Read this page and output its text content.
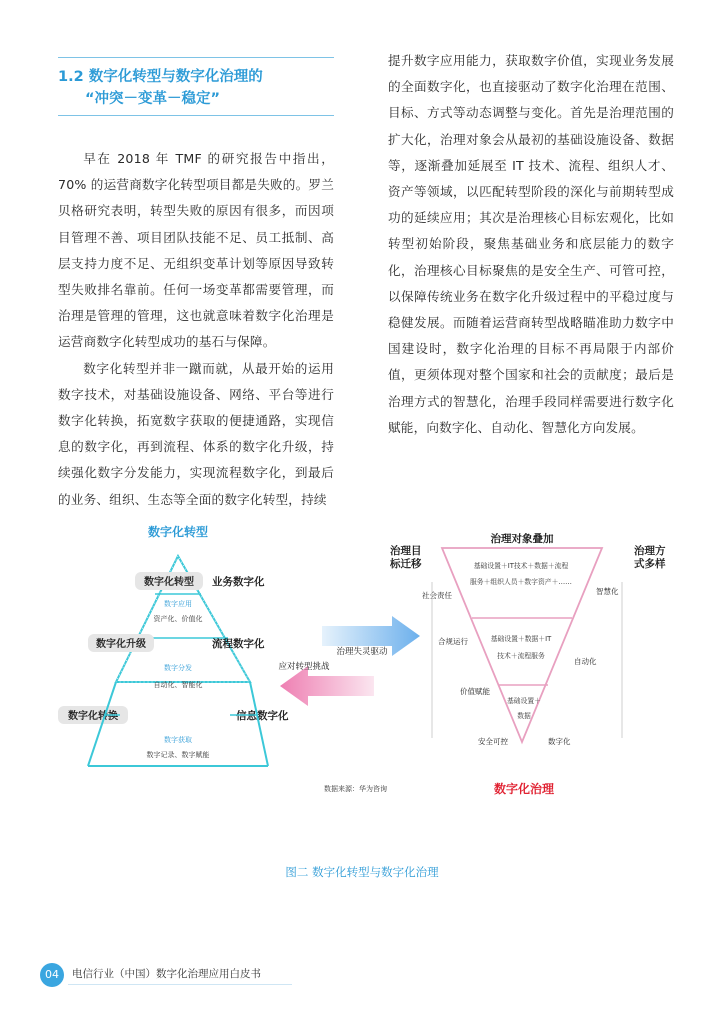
1.2 数字化转型与数字化治理的
“冲突－变革－稳定”

早在 2018 年 TMF 的研究报告中指出，70% 的运营商数字化转型项目都是失败的。罗兰贝格研究表明，转型失败的原因有很多，而因项目管理不善、项目团队技能不足、员工抵制、高层支持力度不足、无组织变革计划等原因导致转型失败排名靠前。任何一场变革都需要管理，而治理是管理的管理，这也就意味着数字化治理是运营商数字化转型成功的基石与保障。

数字化转型并非一蹴而就，从最开始的运用数字技术，对基础设施设备、网络、平台等进行数字化转换，拓宽数字获取的便捷通路，实现信息的数字化，再到流程、体系的数字化升级，持续强化数字分发能力，实现流程数字化，到最后的业务、组织、生态等全面的数字化转型，持续

提升数字应用能力，获取数字价值，实现业务发展的全面数字化，也直接驱动了数字化治理在范围、目标、方式等动态调整与变化。首先是治理范围的扩大化，治理对象会从最初的基础设施设备、数据等，逐渐叠加延展至 IT 技术、流程、组织人才、资产等领域，以匹配转型阶段的深化与前期转型成功的延续应用；其次是治理核心目标宏观化，比如转型初始阶段，聚焦基础业务和底层能力的数字化，治理核心目标聚焦的是安全生产、可管可控，以保障传统业务在数字化升级过程中的平稳过度与稳健发展。而随着运营商转型战略瞄准助力数字中国建设时，数字化治理的目标不再局限于内部价值，更须体现对整个国家和社会的贡献度；最后是治理方式的智慧化，治理手段同样需要进行数字化赋能，向数字化、自动化、智慧化方向发展。

数字化转型
数字化转型 业务数字化
数字应用
资产化、价值化
数字化升级	流程数字化
数字分发
自动化、智能化
数字化转换	信息数字化
数字获取
数字记录、数字赋能
治理失灵驱动
应对转型挑战
治理对象叠加
基础设置＋IT技术＋数据＋流程
服务＋组织人员＋数字资产＋……
基础设置＋数据＋IT
技术＋流程服务
基础设置＋
数据
治理目 标迁移
治理方 式多样
社会责任
合规运行
价值赋能
安全可控
智慧化
自动化
数字化
数字化治理
数据来源：华为咨询
图二 数字化转型与数字化治理
04	电信行业（中国）数字化治理应用白皮书
